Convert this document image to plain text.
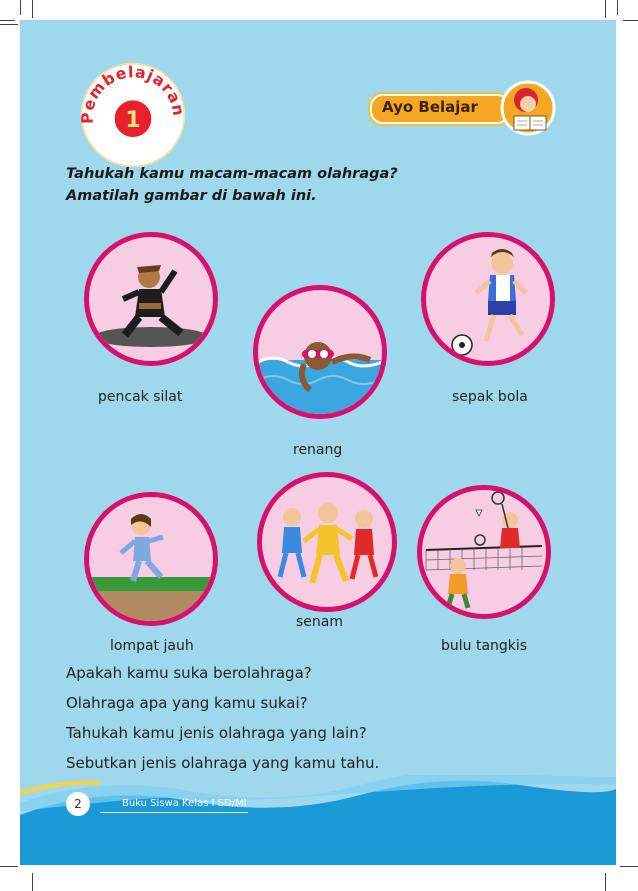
Pembelajaran
1
Ayo Belajar
Tahukah kamu macam-macam olahraga?
Amatilah gambar di bawah ini.
pencak silat
renang
sepak bola
lompat jauh
senam
bulu tangkis
Apakah kamu suka berolahraga?
Olahraga apa yang kamu sukai?
Tahukah kamu jenis olahraga yang lain?
Sebutkan jenis olahraga yang kamu tahu.
2	Buku Siswa Kelas I SD/MI
